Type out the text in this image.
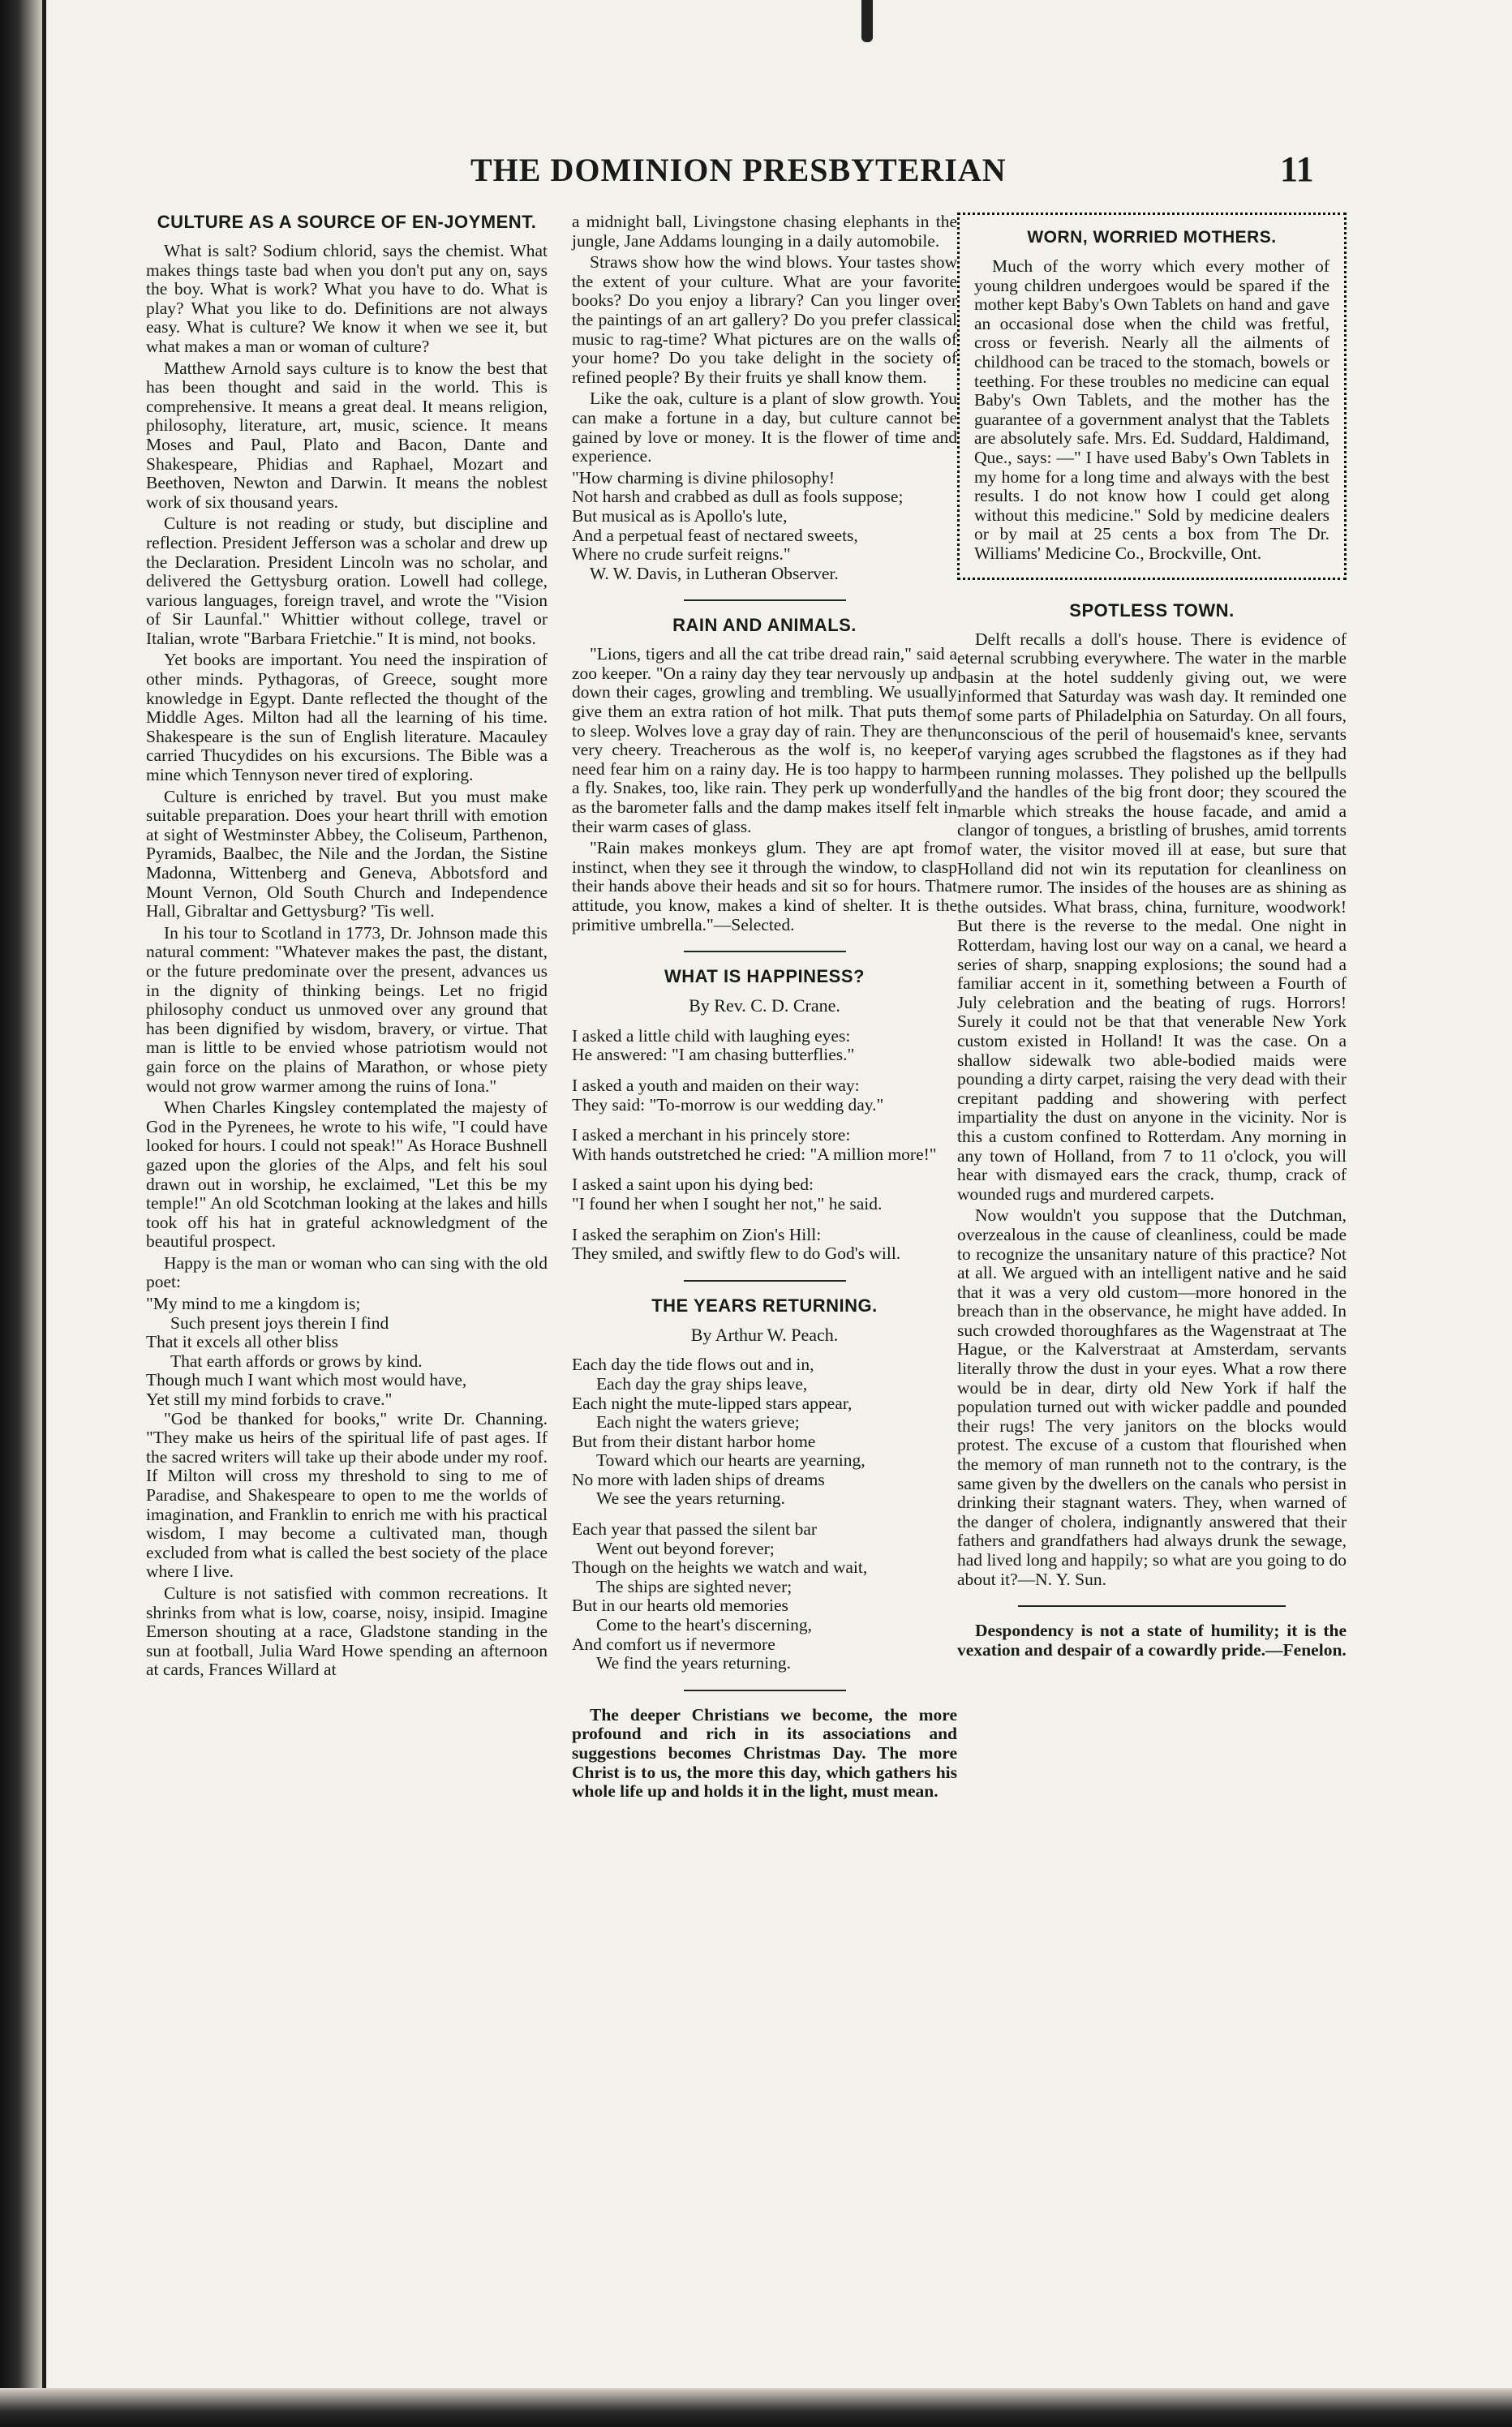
THE DOMINION PRESBYTERIAN	11
CULTURE AS A SOURCE OF EN-JOYMENT.

What is salt? Sodium chlorid, says the chemist. What makes things taste bad when you don't put any on, says the boy. What is work? What you have to do. What is play? What you like to do. Definitions are not always easy. What is culture? We know it when we see it, but what makes a man or woman of culture?

Matthew Arnold says culture is to know the best that has been thought and said in the world. This is comprehensive. It means a great deal. It means religion, philosophy, literature, art, music, science. It means Moses and Paul, Plato and Bacon, Dante and Shakespeare, Phidias and Raphael, Mozart and Beethoven, Newton and Darwin. It means the noblest work of six thousand years.

Culture is not reading or study, but discipline and reflection. President Jefferson was a scholar and drew up the Declaration. President Lincoln was no scholar, and delivered the Gettysburg oration. Lowell had college, various languages, foreign travel, and wrote the "Vision of Sir Launfal." Whittier without college, travel or Italian, wrote "Barbara Frietchie." It is mind, not books.

Yet books are important. You need the inspiration of other minds. Pythagoras, of Greece, sought more knowledge in Egypt. Dante reflected the thought of the Middle Ages. Milton had all the learning of his time. Shakespeare is the sun of English literature. Macauley carried Thucydides on his excursions. The Bible was a mine which Tennyson never tired of exploring.

Culture is enriched by travel. But you must make suitable preparation. Does your heart thrill with emotion at sight of Westminster Abbey, the Coliseum, Parthenon, Pyramids, Baalbec, the Nile and the Jordan, the Sistine Madonna, Wittenberg and Geneva, Abbotsford and Mount Vernon, Old South Church and Independence Hall, Gibraltar and Gettysburg? 'Tis well.

In his tour to Scotland in 1773, Dr. Johnson made this natural comment: "Whatever makes the past, the distant, or the future predominate over the present, advances us in the dignity of thinking beings. Let no frigid philosophy conduct us unmoved over any ground that has been dignified by wisdom, bravery, or virtue. That man is little to be envied whose patriotism would not gain force on the plains of Marathon, or whose piety would not grow warmer among the ruins of Iona."

When Charles Kingsley contemplated the majesty of God in the Pyrenees, he wrote to his wife, "I could have looked for hours. I could not speak!" As Horace Bushnell gazed upon the glories of the Alps, and felt his soul drawn out in worship, he exclaimed, "Let this be my temple!" An old Scotchman looking at the lakes and hills took off his hat in grateful acknowledgment of the beautiful prospect.

Happy is the man or woman who can sing with the old poet:

"My mind to me a kingdom is;

Such present joys therein I find

That it excels all other bliss

That earth affords or grows by kind.

Though much I want which most would have,

Yet still my mind forbids to crave."

"God be thanked for books," write Dr. Channing. "They make us heirs of the spiritual life of past ages. If the sacred writers will take up their abode under my roof. If Milton will cross my threshold to sing to me of Paradise, and Shakespeare to open to me the worlds of imagination, and Franklin to enrich me with his practical wisdom, I may become a cultivated man, though excluded from what is called the best society of the place where I live.

Culture is not satisfied with common recreations. It shrinks from what is low, coarse, noisy, insipid. Imagine Emerson shouting at a race, Gladstone standing in the sun at football, Julia Ward Howe spending an afternoon at cards, Frances Willard at

a midnight ball, Livingstone chasing elephants in the jungle, Jane Addams lounging in a daily automobile.

Straws show how the wind blows. Your tastes show the extent of your culture. What are your favorite books? Do you enjoy a library? Can you linger over the paintings of an art gallery? Do you prefer classical music to rag-time? What pictures are on the walls of your home? Do you take delight in the society of refined people? By their fruits ye shall know them.

Like the oak, culture is a plant of slow growth. You can make a fortune in a day, but culture cannot be gained by love or money. It is the flower of time and experience.

"How charming is divine philosophy!

Not harsh and crabbed as dull as fools suppose;

But musical as is Apollo's lute,

And a perpetual feast of nectared sweets,

Where no crude surfeit reigns."

W. W. Davis, in Lutheran Observer.

RAIN AND ANIMALS.

"Lions, tigers and all the cat tribe dread rain," said a zoo keeper. "On a rainy day they tear nervously up and down their cages, growling and trembling. We usually give them an extra ration of hot milk. That puts them to sleep. Wolves love a gray day of rain. They are then very cheery. Treacherous as the wolf is, no keeper need fear him on a rainy day. He is too happy to harm a fly. Snakes, too, like rain. They perk up wonderfully as the barometer falls and the damp makes itself felt in their warm cases of glass.

"Rain makes monkeys glum. They are apt from instinct, when they see it through the window, to clasp their hands above their heads and sit so for hours. That attitude, you know, makes a kind of shelter. It is the primitive umbrella."—Selected.

WHAT IS HAPPINESS?

By Rev. C. D. Crane.

I asked a little child with laughing eyes:

He answered: "I am chasing butterflies."

I asked a youth and maiden on their way:

They said: "To-morrow is our wedding day."

I asked a merchant in his princely store:

With hands outstretched he cried: "A million more!"

I asked a saint upon his dying bed:

"I found her when I sought her not," he said.

I asked the seraphim on Zion's Hill:

They smiled, and swiftly flew to do God's will.

THE YEARS RETURNING.

By Arthur W. Peach.

Each day the tide flows out and in,

Each day the gray ships leave,

Each night the mute-lipped stars appear,

Each night the waters grieve;

But from their distant harbor home

Toward which our hearts are yearning,

No more with laden ships of dreams

We see the years returning.

Each year that passed the silent bar

Went out beyond forever;

Though on the heights we watch and wait,

The ships are sighted never;

But in our hearts old memories

Come to the heart's discerning,

And comfort us if nevermore

We find the years returning.

The deeper Christians we become, the more profound and rich in its associations and suggestions becomes Christmas Day. The more Christ is to us, the more this day, which gathers his whole life up and holds it in the light, must mean.

WORN, WORRIED MOTHERS.

Much of the worry which every mother of young children undergoes would be spared if the mother kept Baby's Own Tablets on hand and gave an occasional dose when the child was fretful, cross or feverish. Nearly all the ailments of childhood can be traced to the stomach, bowels or teething. For these troubles no medicine can equal Baby's Own Tablets, and the mother has the guarantee of a government analyst that the Tablets are absolutely safe. Mrs. Ed. Suddard, Haldimand, Que., says: —" I have used Baby's Own Tablets in my home for a long time and always with the best results. I do not know how I could get along without this medicine." Sold by medicine dealers or by mail at 25 cents a box from The Dr. Williams' Medicine Co., Brockville, Ont.

SPOTLESS TOWN.

Delft recalls a doll's house. There is evidence of eternal scrubbing everywhere. The water in the marble basin at the hotel suddenly giving out, we were informed that Saturday was wash day. It reminded one of some parts of Philadelphia on Saturday. On all fours, unconscious of the peril of housemaid's knee, servants of varying ages scrubbed the flagstones as if they had been running molasses. They polished up the bellpulls and the handles of the big front door; they scoured the marble which streaks the house facade, and amid a clangor of tongues, a bristling of brushes, amid torrents of water, the visitor moved ill at ease, but sure that Holland did not win its reputation for cleanliness on mere rumor. The insides of the houses are as shining as the outsides. What brass, china, furniture, woodwork! But there is the reverse to the medal. One night in Rotterdam, having lost our way on a canal, we heard a series of sharp, snapping explosions; the sound had a familiar accent in it, something between a Fourth of July celebration and the beating of rugs. Horrors! Surely it could not be that that venerable New York custom existed in Holland! It was the case. On a shallow sidewalk two able-bodied maids were pounding a dirty carpet, raising the very dead with their crepitant padding and showering with perfect impartiality the dust on anyone in the vicinity. Nor is this a custom confined to Rotterdam. Any morning in any town of Holland, from 7 to 11 o'clock, you will hear with dismayed ears the crack, thump, crack of wounded rugs and murdered carpets.

Now wouldn't you suppose that the Dutchman, overzealous in the cause of cleanliness, could be made to recognize the unsanitary nature of this practice? Not at all. We argued with an intelligent native and he said that it was a very old custom—more honored in the breach than in the observance, he might have added. In such crowded thoroughfares as the Wagenstraat at The Hague, or the Kalverstraat at Amsterdam, servants literally throw the dust in your eyes. What a row there would be in dear, dirty old New York if half the population turned out with wicker paddle and pounded their rugs! The very janitors on the blocks would protest. The excuse of a custom that flourished when the memory of man runneth not to the contrary, is the same given by the dwellers on the canals who persist in drinking their stagnant waters. They, when warned of the danger of cholera, indignantly answered that their fathers and grandfathers had always drunk the sewage, had lived long and happily; so what are you going to do about it?—N. Y. Sun.

Despondency is not a state of humility; it is the vexation and despair of a cowardly pride.—Fenelon.
